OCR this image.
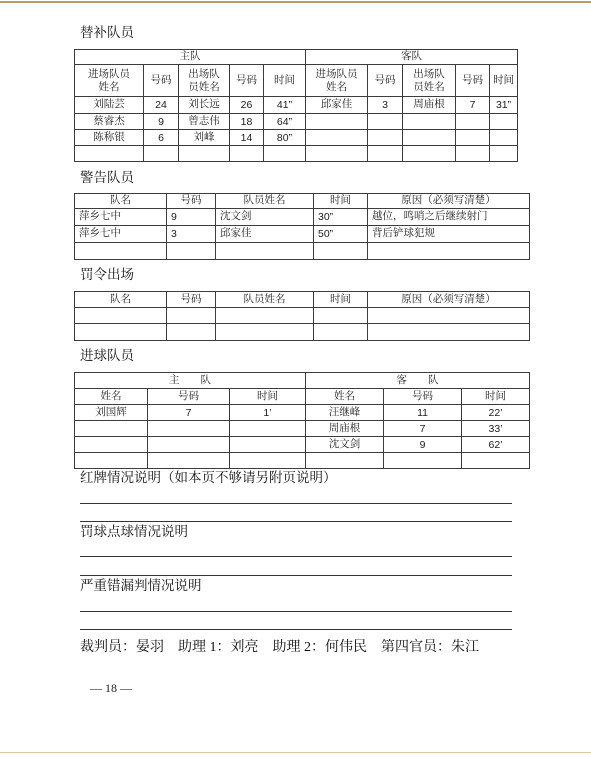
替补队员
主队					客队				
进场队员姓名	号码	出场队员姓名	号码	时间	进场队员姓名	号码	出场队员姓名	号码	时间
刘陆芸	24	刘长远	26	41”	邱家佳	3	周庙根	7	31”
蔡睿杰	9	曾志伟	18	64”					
陈称银	6	刘峰	14	80”					

警告队员
队名	号码	队员姓名	时间	原因（必须写清楚）
萍乡七中	9	沈文剑	30”	越位，鸣哨之后继续射门
萍乡七中	3	邱家佳	50”	背后铲球犯规

罚令出场
队名	号码	队员姓名	时间	原因（必须写清楚）

进球队员
主　　队			客　　队		
姓名	号码	时间	姓名	号码	时间
刘国辉	7	1’	汪继峰	11	22’
			周庙根	7	33’
			沈文剑	9	62’

红牌情况说明（如本页不够请另附页说明）
罚球点球情况说明
严重错漏判情况说明
裁判员：晏羽　助理 1：刘亮　助理 2：何伟民　第四官员：朱江
— 18 —
